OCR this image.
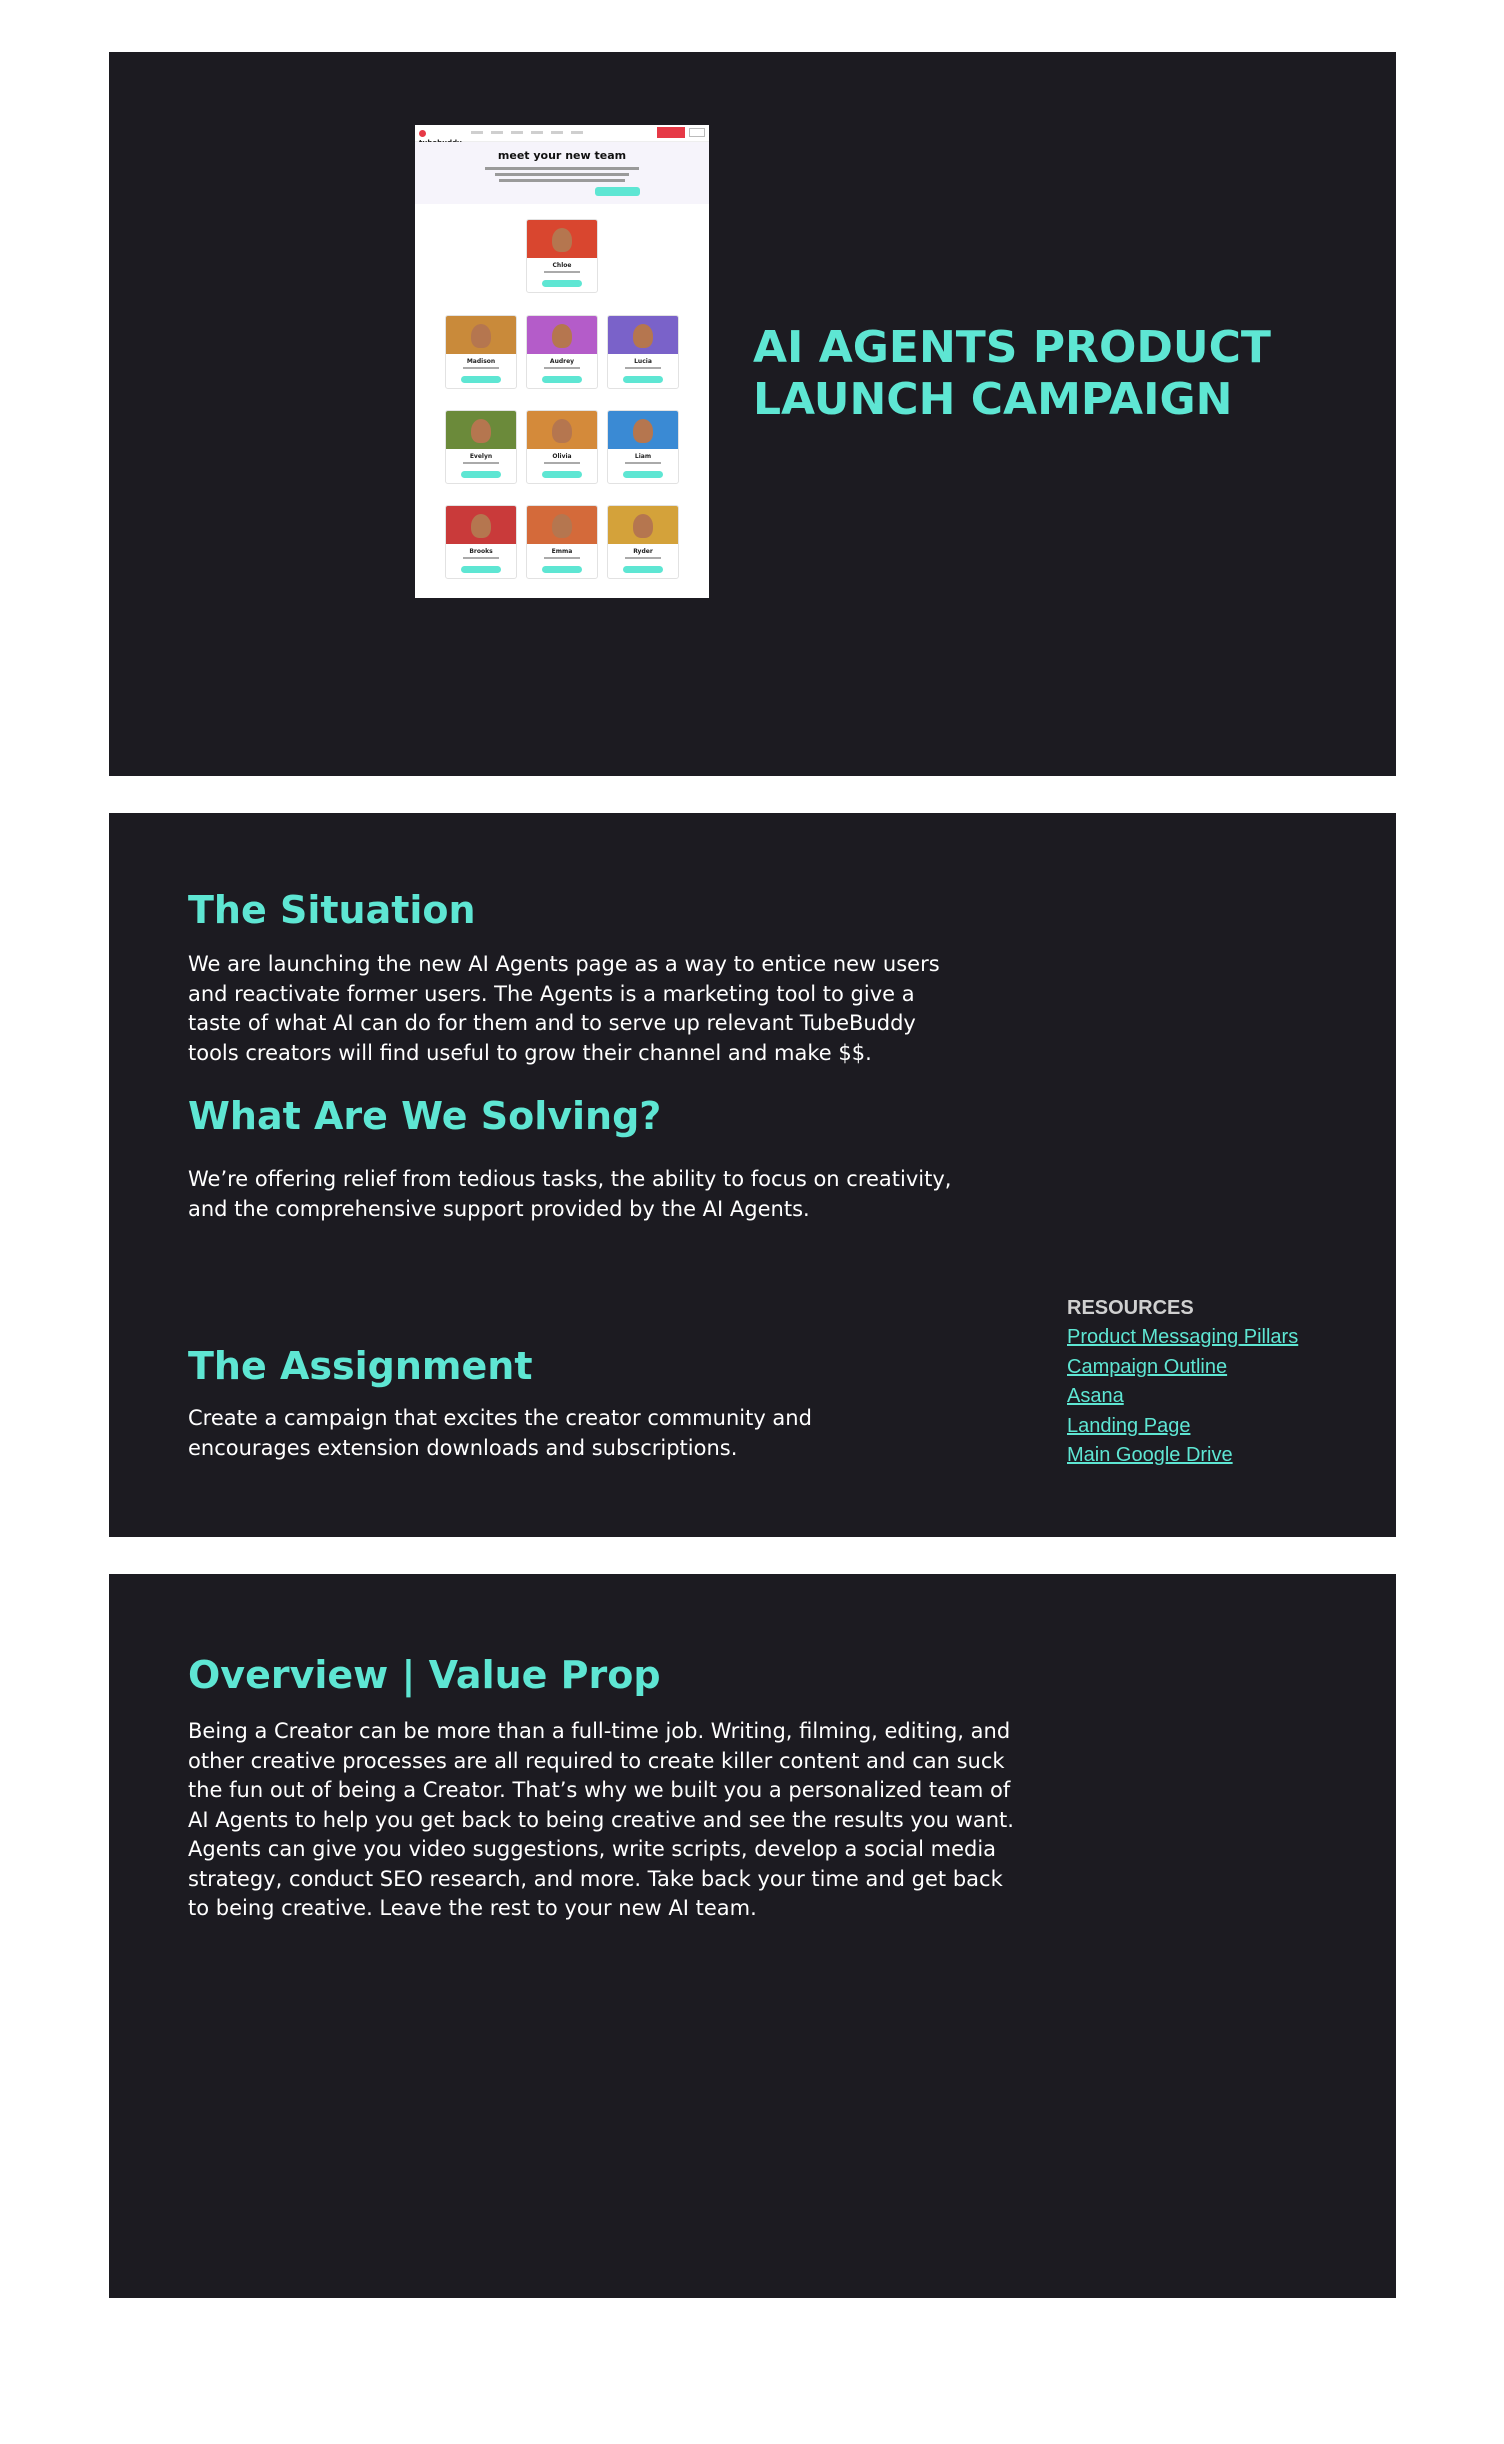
meet your new team

Chloe
Madison	Audrey	Lucia
Evelyn	Olivia	Liam
Brooks	Emma	Ryder
AI AGENTS PRODUCT LAUNCH CAMPAIGN
The Situation

We are launching the new AI Agents page as a way to entice new users
and reactivate former users. The Agents is a marketing tool to give a
taste of what AI can do for them and to serve up relevant TubeBuddy
tools creators will find useful to grow their channel and make $$.

What Are We Solving?

We’re offering relief from tedious tasks, the ability to focus on creativity,
and the comprehensive support provided by the AI Agents.

The Assignment

Create a campaign that excites the creator community and
encourages extension downloads and subscriptions.

RESOURCES

Product Messaging Pillars
Campaign Outline
Asana
Landing Page
Main Google Drive
Overview | Value Prop

Being a Creator can be more than a full-time job. Writing, filming, editing, and
other creative processes are all required to create killer content and can suck
the fun out of being a Creator. That’s why we built you a personalized team of
AI Agents to help you get back to being creative and see the results you want.
Agents can give you video suggestions, write scripts, develop a social media
strategy, conduct SEO research, and more. Take back your time and get back
to being creative. Leave the rest to your new AI team.
